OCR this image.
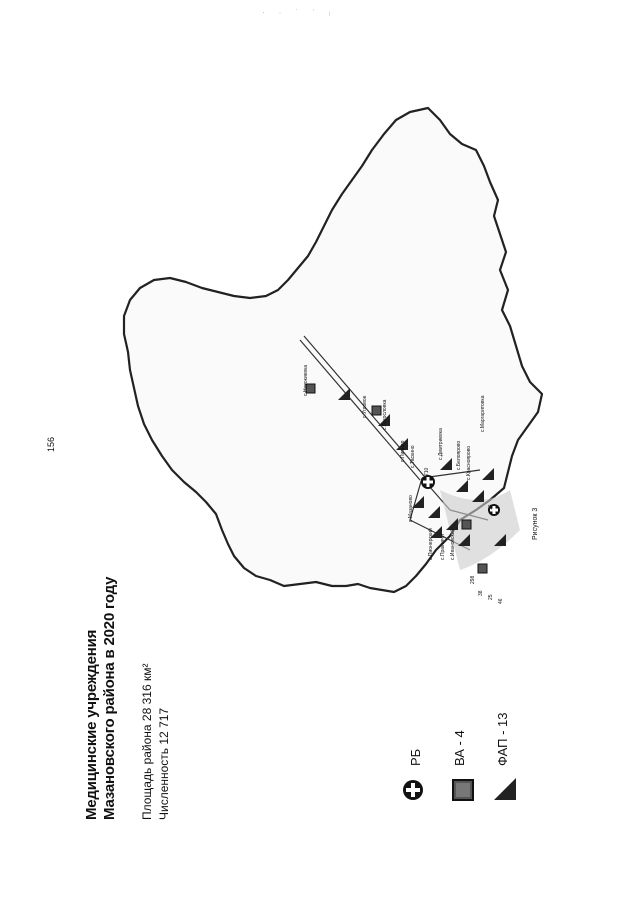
· ∙ ˙ ˈ ᵢ
156
Медицинские учреждения Мазановского района в 2020 году Площадь района 28 316 км² Численность 12 717	РБ ВА - 4 ФАП - 13
с.Новокиевка
с.Маргаритовка
с.Угловое	с.Богословка
с.Пионер с.Таскино
с.Мазаново
с.Дмитриевка с.Белоярово с.Красноярово
с.Пионерский с.Практичи с.Ивановский
710
16
298
38
25
46
Рисунок 3
